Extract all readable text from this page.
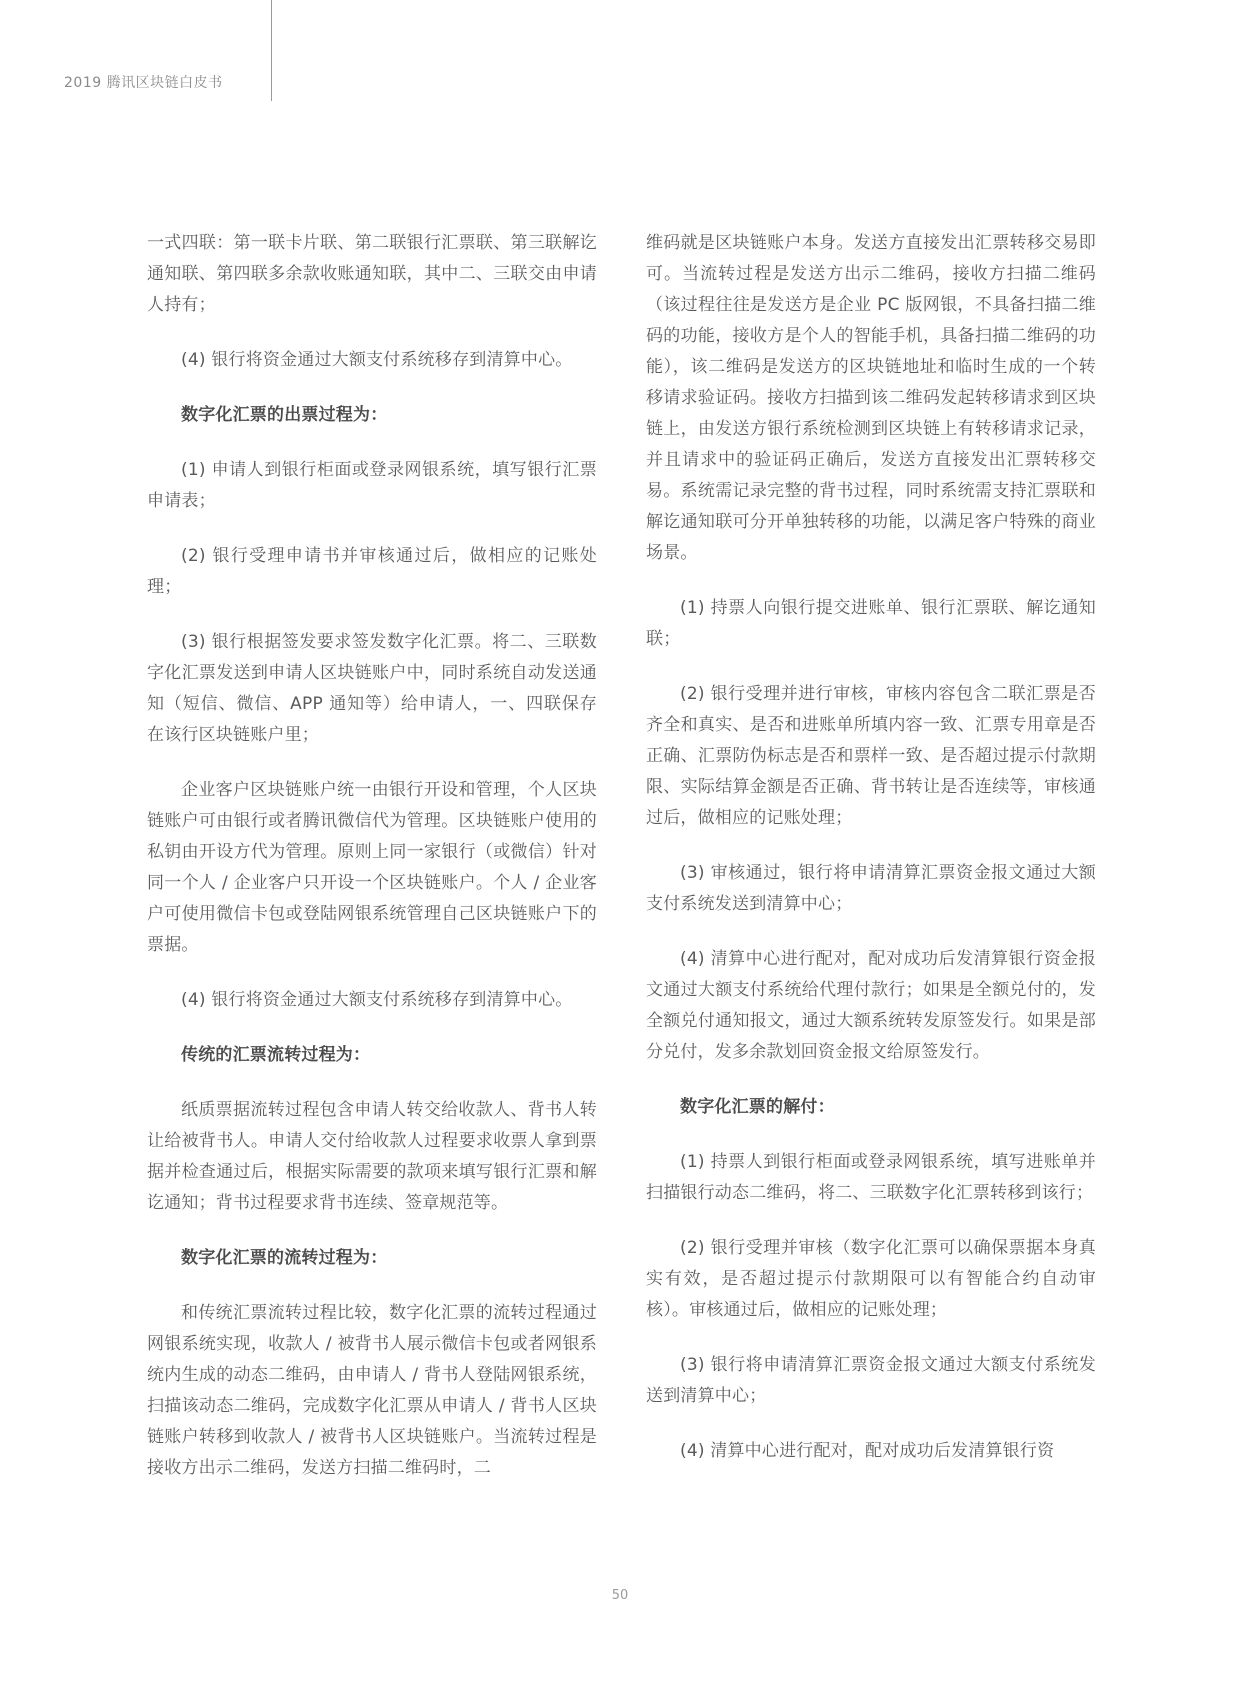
2019 腾讯区块链白皮书

一式四联：第一联卡片联、第二联银行汇票联、第三联解讫通知联、第四联多余款收账通知联，其中二、三联交由申请人持有；

(4) 银行将资金通过大额支付系统移存到清算中心。

数字化汇票的出票过程为：

(1) 申请人到银行柜面或登录网银系统，填写银行汇票申请表；

(2) 银行受理申请书并审核通过后，做相应的记账处理；

(3) 银行根据签发要求签发数字化汇票。将二、三联数字化汇票发送到申请人区块链账户中，同时系统自动发送通知（短信、微信、APP 通知等）给申请人，一、四联保存在该行区块链账户里；

企业客户区块链账户统一由银行开设和管理，个人区块链账户可由银行或者腾讯微信代为管理。区块链账户使用的私钥由开设方代为管理。原则上同一家银行（或微信）针对同一个人 / 企业客户只开设一个区块链账户。个人 / 企业客户可使用微信卡包或登陆网银系统管理自己区块链账户下的票据。

(4) 银行将资金通过大额支付系统移存到清算中心。

传统的汇票流转过程为：

纸质票据流转过程包含申请人转交给收款人、背书人转让给被背书人。申请人交付给收款人过程要求收票人拿到票据并检查通过后，根据实际需要的款项来填写银行汇票和解讫通知；背书过程要求背书连续、签章规范等。

数字化汇票的流转过程为：

和传统汇票流转过程比较，数字化汇票的流转过程通过网银系统实现，收款人 / 被背书人展示微信卡包或者网银系统内生成的动态二维码，由申请人 / 背书人登陆网银系统，扫描该动态二维码，完成数字化汇票从申请人 / 背书人区块链账户转移到收款人 / 被背书人区块链账户。当流转过程是接收方出示二维码，发送方扫描二维码时，二

维码就是区块链账户本身。发送方直接发出汇票转移交易即可。当流转过程是发送方出示二维码，接收方扫描二维码（该过程往往是发送方是企业 PC 版网银，不具备扫描二维码的功能，接收方是个人的智能手机，具备扫描二维码的功能），该二维码是发送方的区块链地址和临时生成的一个转移请求验证码。接收方扫描到该二维码发起转移请求到区块链上，由发送方银行系统检测到区块链上有转移请求记录，并且请求中的验证码正确后，发送方直接发出汇票转移交易。系统需记录完整的背书过程，同时系统需支持汇票联和解讫通知联可分开单独转移的功能，以满足客户特殊的商业场景。

(1) 持票人向银行提交进账单、银行汇票联、解讫通知联；

(2) 银行受理并进行审核，审核内容包含二联汇票是否齐全和真实、是否和进账单所填内容一致、汇票专用章是否正确、汇票防伪标志是否和票样一致、是否超过提示付款期限、实际结算金额是否正确、背书转让是否连续等，审核通过后，做相应的记账处理；

(3) 审核通过，银行将申请清算汇票资金报文通过大额支付系统发送到清算中心；

(4) 清算中心进行配对，配对成功后发清算银行资金报文通过大额支付系统给代理付款行；如果是全额兑付的，发全额兑付通知报文，通过大额系统转发原签发行。如果是部分兑付，发多余款划回资金报文给原签发行。

数字化汇票的解付：

(1) 持票人到银行柜面或登录网银系统，填写进账单并扫描银行动态二维码，将二、三联数字化汇票转移到该行；

(2) 银行受理并审核（数字化汇票可以确保票据本身真实有效，是否超过提示付款期限可以有智能合约自动审核）。审核通过后，做相应的记账处理；

(3) 银行将申请清算汇票资金报文通过大额支付系统发送到清算中心；

(4) 清算中心进行配对，配对成功后发清算银行资

50
